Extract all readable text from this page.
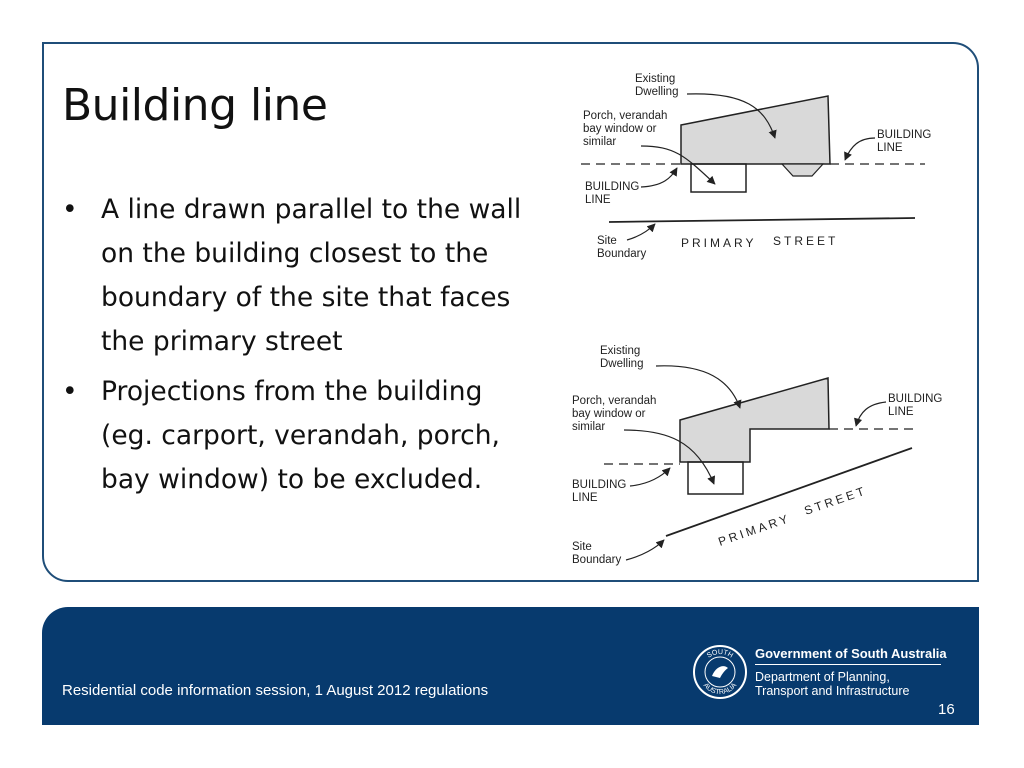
Building line
• A line drawn parallel to the wall on the building closest to the boundary of the site that faces the primary street
• Projections from the building (eg. carport, verandah, porch, bay window) to be excluded.
Existing Dwelling
Porch, verandah bay window or similar
BUILDING LINE
BUILDING LINE
Site Boundary
PRIMARY STREET
Existing Dwelling
Porch, verandah bay window or similar
BUILDING LINE
BUILDING LINE
Site Boundary
PRIMARY
STREET
Residential code information session, 1 August 2012 regulations
16
SOUTH
AUSTRALIA
Government of South Australia
Department of Planning,
Transport and Infrastructure
